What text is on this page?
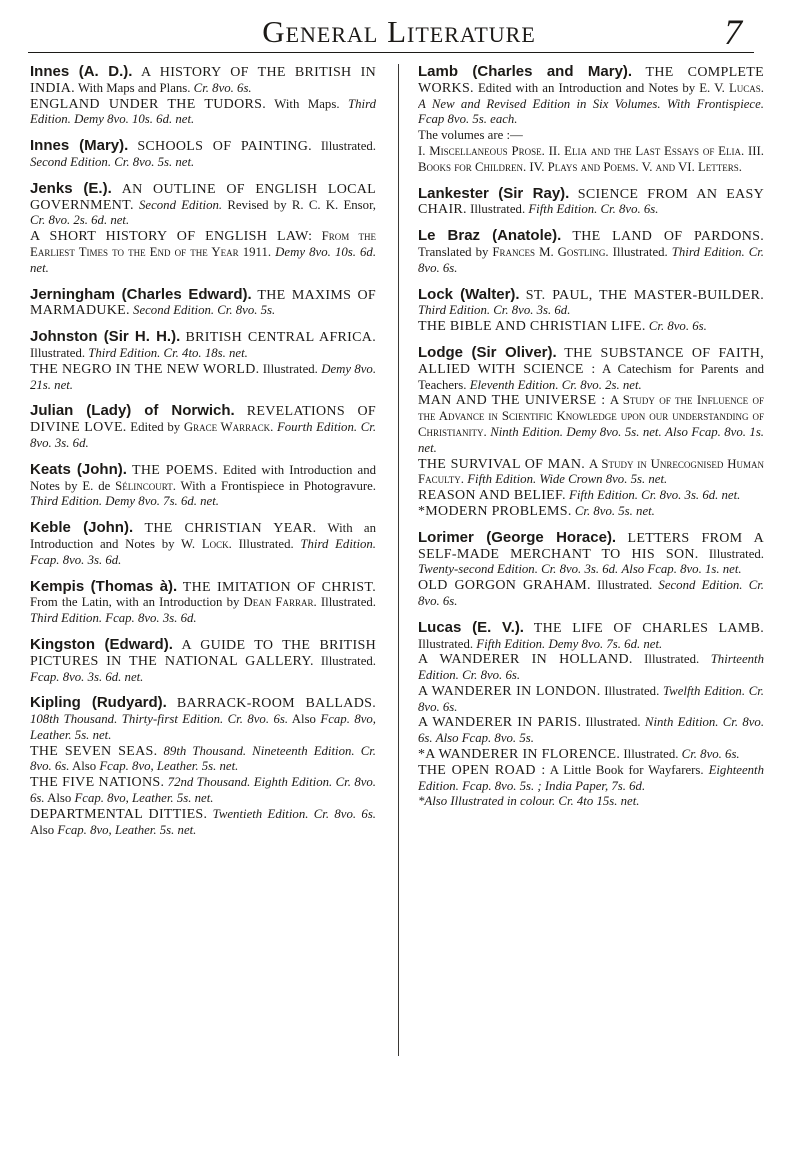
General Literature	7
Innes (A. D.). A HISTORY OF THE BRITISH IN INDIA. With Maps and Plans. Cr. 8vo. 6s.
ENGLAND UNDER THE TUDORS. With Maps. Third Edition. Demy 8vo. 10s. 6d. net.
Innes (Mary). SCHOOLS OF PAINTING. Illustrated. Second Edition. Cr. 8vo. 5s. net.
Jenks (E.). AN OUTLINE OF ENGLISH LOCAL GOVERNMENT. Second Edition. Revised by R. C. K. Ensor, Cr. 8vo. 2s. 6d. net.
A SHORT HISTORY OF ENGLISH LAW: From the Earliest Times to the End of the Year 1911. Demy 8vo. 10s. 6d. net.
Jerningham (Charles Edward). THE MAXIMS OF MARMADUKE. Second Edition. Cr. 8vo. 5s.
Johnston (Sir H. H.). BRITISH CENTRAL AFRICA. Illustrated. Third Edition. Cr. 4to. 18s. net.
THE NEGRO IN THE NEW WORLD. Illustrated. Demy 8vo. 21s. net.
Julian (Lady) of Norwich. REVELATIONS OF DIVINE LOVE. Edited by Grace Warrack. Fourth Edition. Cr. 8vo. 3s. 6d.
Keats (John). THE POEMS. Edited with Introduction and Notes by E. de Sélincourt. With a Frontispiece in Photogravure. Third Edition. Demy 8vo. 7s. 6d. net.
Keble (John). THE CHRISTIAN YEAR. With an Introduction and Notes by W. Lock. Illustrated. Third Edition. Fcap. 8vo. 3s. 6d.
Kempis (Thomas à). THE IMITATION OF CHRIST. From the Latin, with an Introduction by Dean Farrar. Illustrated. Third Edition. Fcap. 8vo. 3s. 6d.
Kingston (Edward). A GUIDE TO THE BRITISH PICTURES IN THE NATIONAL GALLERY. Illustrated. Fcap. 8vo. 3s. 6d. net.
Kipling (Rudyard). BARRACK-ROOM BALLADS. 108th Thousand. Thirty-first Edition. Cr. 8vo. 6s. Also Fcap. 8vo, Leather. 5s. net.
THE SEVEN SEAS. 89th Thousand. Nineteenth Edition. Cr. 8vo. 6s. Also Fcap. 8vo, Leather. 5s. net.
THE FIVE NATIONS. 72nd Thousand. Eighth Edition. Cr. 8vo. 6s. Also Fcap. 8vo, Leather. 5s. net.
DEPARTMENTAL DITTIES. Twentieth Edition. Cr. 8vo. 6s. Also Fcap. 8vo, Leather. 5s. net.
Lamb (Charles and Mary). THE COMPLETE WORKS. Edited with an Introduction and Notes by E. V. Lucas. A New and Revised Edition in Six Volumes. With Frontispiece. Fcap 8vo. 5s. each.
The volumes are :—
I. Miscellaneous Prose. II. Elia and the Last Essays of Elia. III. Books for Children. IV. Plays and Poems. V. and VI. Letters.
Lankester (Sir Ray). SCIENCE FROM AN EASY CHAIR. Illustrated. Fifth Edition. Cr. 8vo. 6s.
Le Braz (Anatole). THE LAND OF PARDONS. Translated by Frances M. Gostling. Illustrated. Third Edition. Cr. 8vo. 6s.
Lock (Walter). ST. PAUL, THE MASTER-BUILDER. Third Edition. Cr. 8vo. 3s. 6d.
THE BIBLE AND CHRISTIAN LIFE. Cr. 8vo. 6s.
Lodge (Sir Oliver). THE SUBSTANCE OF FAITH, ALLIED WITH SCIENCE : A Catechism for Parents and Teachers. Eleventh Edition. Cr. 8vo. 2s. net.
MAN AND THE UNIVERSE : A Study of the Influence of the Advance in Scientific Knowledge upon our understanding of Christianity. Ninth Edition. Demy 8vo. 5s. net. Also Fcap. 8vo. 1s. net.
THE SURVIVAL OF MAN. A Study in Unrecognised Human Faculty. Fifth Edition. Wide Crown 8vo. 5s. net.
REASON AND BELIEF. Fifth Edition. Cr. 8vo. 3s. 6d. net.
*MODERN PROBLEMS. Cr. 8vo. 5s. net.
Lorimer (George Horace). LETTERS FROM A SELF-MADE MERCHANT TO HIS SON. Illustrated. Twenty-second Edition. Cr. 8vo. 3s. 6d. Also Fcap. 8vo. 1s. net.
OLD GORGON GRAHAM. Illustrated. Second Edition. Cr. 8vo. 6s.
Lucas (E. V.). THE LIFE OF CHARLES LAMB. Illustrated. Fifth Edition. Demy 8vo. 7s. 6d. net.
A WANDERER IN HOLLAND. Illustrated. Thirteenth Edition. Cr. 8vo. 6s.
A WANDERER IN LONDON. Illustrated. Twelfth Edition. Cr. 8vo. 6s.
A WANDERER IN PARIS. Illustrated. Ninth Edition. Cr. 8vo. 6s. Also Fcap. 8vo. 5s.
*A WANDERER IN FLORENCE. Illustrated. Cr. 8vo. 6s.
THE OPEN ROAD : A Little Book for Wayfarers. Eighteenth Edition. Fcap. 8vo. 5s. ; India Paper, 7s. 6d.
*Also Illustrated in colour. Cr. 4to 15s. net.
